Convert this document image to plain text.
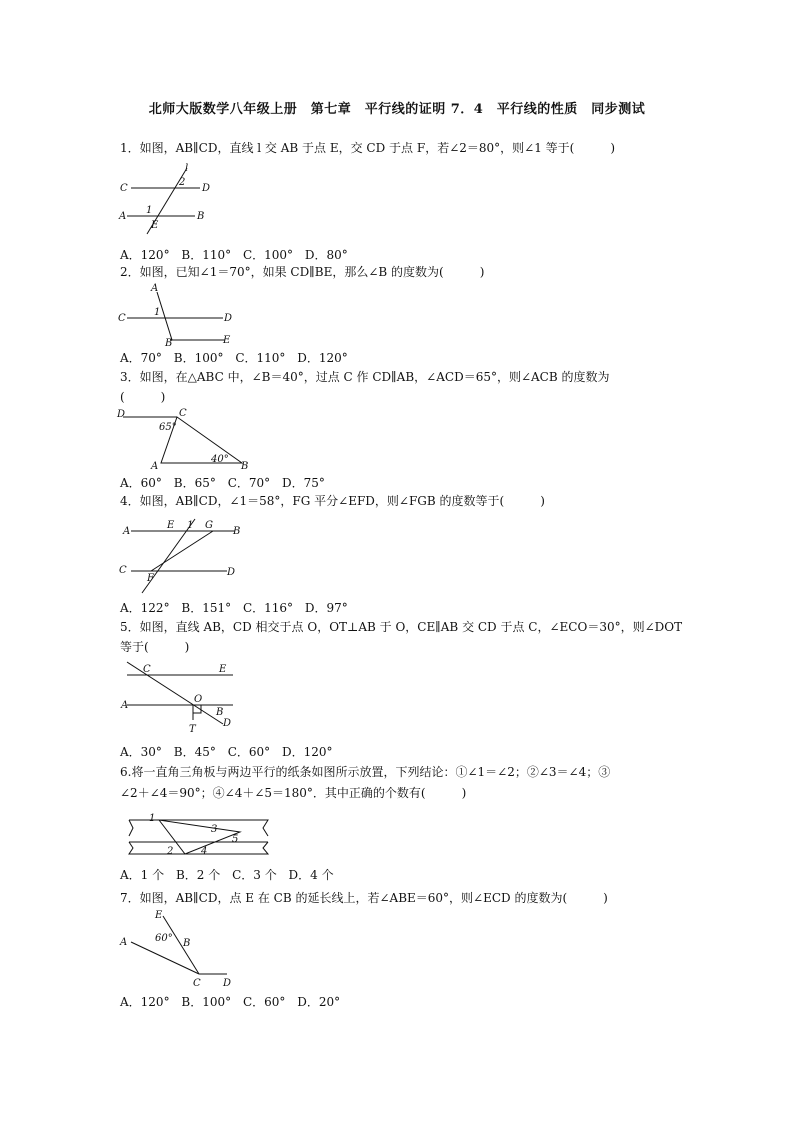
北师大版数学八年级上册　第七章　平行线的证明 7．4　平行线的性质　同步测试
1．如图，AB∥CD，直线 l 交 AB 于点 E，交 CD 于点 F，若∠2＝80°，则∠1 等于(　　　)
C	D
A	B
l
2
1
E
A．120° B．110° C．100° D．80°
2．如图，已知∠1＝70°，如果 CD∥BE，那么∠B 的度数为(　　　)
A
C
1
D
B	E
A．70° B．100° C．110° D．120°
3．如图，在△ABC 中，∠B＝40°，过点 C 作 CD∥AB，∠ACD＝65°，则∠ACB 的度数为
(　　　)
D	C
65°
A
40°
B
A．60° B．65° C．70° D．75°
4．如图，AB∥CD，∠1＝58°，FG 平分∠EFD，则∠FGB 的度数等于(　　　)
A
E 1 G
B
C
F
D
A．122° B．151° C．116° D．97°
5．如图，直线 AB，CD 相交于点 O，OT⊥AB 于 O，CE∥AB 交 CD 于点 C，∠ECO＝30°，则∠DOT
等于(　　　)
C	E
O
A
B
D
T
A．30° B．45° C．60° D．120°
6.将一直角三角板与两边平行的纸条如图所示放置，下列结论：①∠1＝∠2；②∠3＝∠4；③
∠2＋∠4＝90°；④∠4＋∠5＝180°．其中正确的个数有(　　　)
1
3
5
2	4
A．1 个 B．2 个 C．3 个 D．4 个
7．如图，AB∥CD，点 E 在 CB 的延长线上，若∠ABE＝60°，则∠ECD 的度数为(　　　)
E
60°
A	B
C D
A．120° B．100° C．60° D．20°
